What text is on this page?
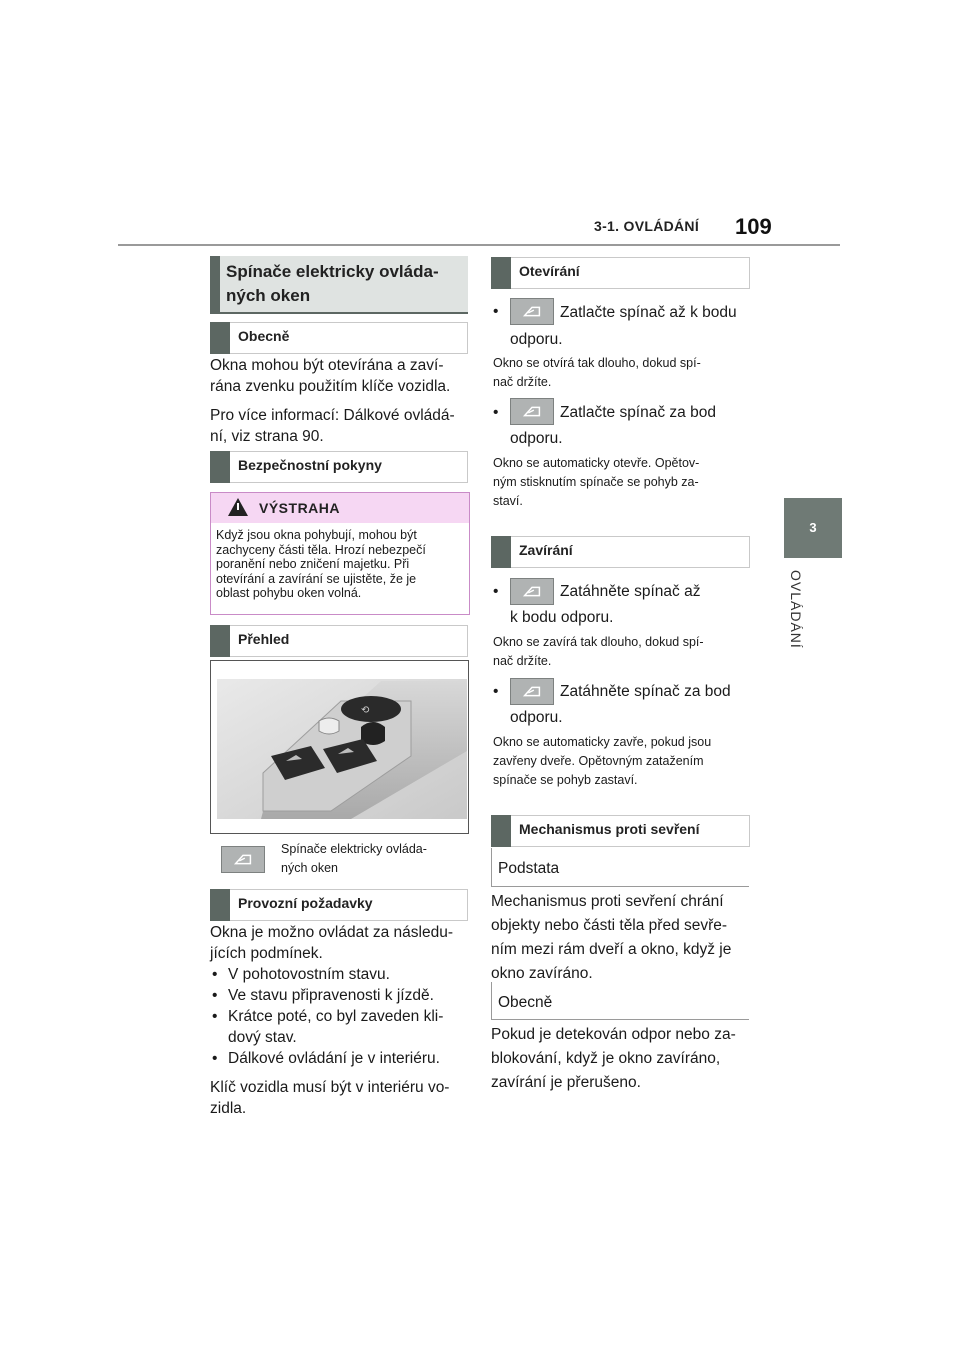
3-1. OVLÁDÁNÍ 109
3
OVLÁDÁNÍ
Spínače elektricky ovláda-
ných oken
Obecně
Okna mohou být otevírána a zaví-
rána zvenku použitím klíče vozidla.
Pro více informací: Dálkové ovládá-
ní, viz strana 90.
Bezpečnostní pokyny
VÝSTRAHA
Když jsou okna pohybují, mohou být
zachyceny části těla. Hrozí nebezpečí
poranění nebo zničení majetku. Při
otevírání a zavírání se ujistěte, že je
oblast pohybu oken volná.
Přehled
⟲
Spínače elektricky ovláda-
ných oken
Provozní požadavky
Okna je možno ovládat za následu-
jících podmínek.
• V pohotovostním stavu.
• Ve stavu připravenosti k jízdě.
• Krátce poté, co byl zaveden kli-
dový stav.
• Dálkové ovládání je v interiéru.
Klíč vozidla musí být v interiéru vo-
zidla.
Otevírání
•	Zatlačte spínač až k bodu
odporu.
Okno se otvírá tak dlouho, dokud spí-
nač držíte.
•	Zatlačte spínač za bod
odporu.
Okno se automaticky otevře. Opětov-
ným stisknutím spínače se pohyb za-
staví.
Zavírání
•	Zatáhněte spínač až
k bodu odporu.
Okno se zavírá tak dlouho, dokud spí-
nač držíte.
•	Zatáhněte spínač za bod
odporu.
Okno se automaticky zavře, pokud jsou
zavřeny dveře. Opětovným zatažením
spínače se pohyb zastaví.
Mechanismus proti sevření
Podstata
Mechanismus proti sevření chrání
objekty nebo části těla před sevře-
ním mezi rám dveří a okno, když je
okno zavíráno.
Obecně
Pokud je detekován odpor nebo za-
blokování, když je okno zavíráno,
zavírání je přerušeno.
